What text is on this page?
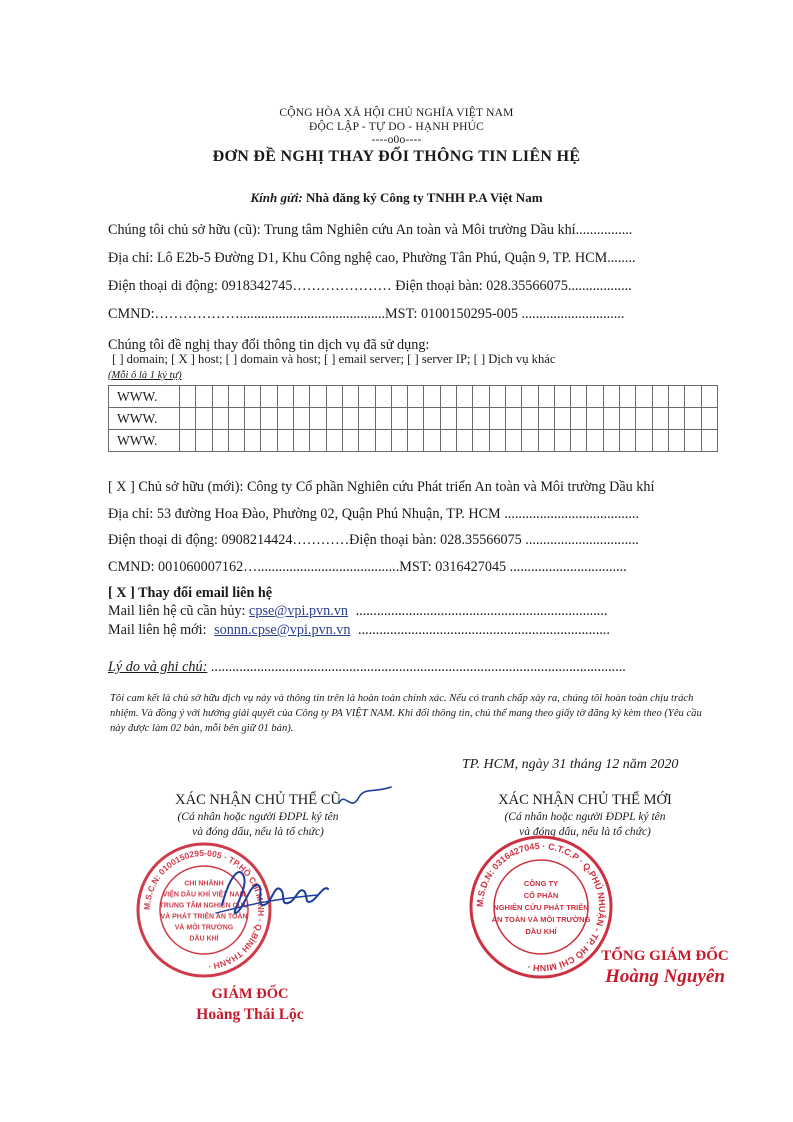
CỘNG HÒA XÃ HỘI CHỦ NGHĨA VIỆT NAM
ĐỘC LẬP - TỰ DO - HẠNH PHÚC
----o0o----
ĐƠN ĐỀ NGHỊ THAY ĐỔI THÔNG TIN LIÊN HỆ
Kính gửi: Nhà đăng ký Công ty TNHH P.A Việt Nam
Chúng tôi chủ sở hữu (cũ): Trung tâm Nghiên cứu An toàn và Môi trường Dầu khí................
Địa chỉ: Lô E2b-5 Đường D1, Khu Công nghệ cao, Phường Tân Phú, Quận 9, TP. HCM........
Điện thoại di động: 0918342745………………… Điện thoại bàn: 028.35566075..................
CMND:……………….........................................MST: 0100150295-005 .............................
Chúng tôi đề nghị thay đổi thông tin dịch vụ đã sử dụng:
[ ] domain; [ X ] host; [ ] domain và host; [ ] email server; [ ] server IP; [ ] Dịch vụ khác
(Mỗi ô là 1 ký tự)
WWW.																																	
WWW.																																	
WWW.																																	
[ X ] Chủ sở hữu (mới): Công ty Cổ phần Nghiên cứu Phát triển An toàn và Môi trường Dầu khí
Địa chỉ: 53 đường Hoa Đào, Phường 02, Quận Phú Nhuận, TP. HCM ......................................
Điện thoại di động: 0908214424…………Điện thoại bàn: 028.35566075 ................................
CMND: 001060007162…........................................MST: 0316427045 .................................
[ X ] Thay đổi email liên hệ
Mail liên hệ cũ cần hủy: cpse@vpi.pvn.vn .......................................................................
Mail liên hệ mới: sonnn.cpse@vpi.pvn.vn .......................................................................
Lý do và ghi chú: .....................................................................................................................
Tôi cam kết là chủ sở hữu dịch vụ này và thông tin trên là hoàn toàn chính xác. Nếu có tranh chấp xảy ra, chúng tôi hoàn toàn chịu trách nhiệm. Và đồng ý với hướng giải quyết của Công ty PA VIỆT NAM. Khi đổi thông tin, chủ thể mang theo giấy tờ đăng ký kèm theo (Yêu cầu này được làm 02 bản, mỗi bên giữ 01 bản).
TP. HCM, ngày 31 tháng 12 năm 2020
XÁC NHẬN CHỦ THỂ CŨ
(Cá nhân hoặc người ĐDPL ký tên
và đóng dấu, nếu là tổ chức)
XÁC NHẬN CHỦ THỂ MỚI
(Cá nhân hoặc người ĐDPL ký tên
và đóng dấu, nếu là tổ chức)
M.S.C.N: 0100150295-005 · TP.HỒ CHÍ MINH · Q.BÌNH THẠNH ·
CHI NHÁNH
VIỆN DẦU KHÍ VIỆT NAM
TRUNG TÂM NGHIÊN CỨU
VÀ PHÁT TRIỂN AN TOÀN
VÀ MÔI TRƯỜNG
DẦU KHÍ
GIÁM ĐỐC
Hoàng Thái Lộc
M.S.D.N: 0316427045 · C.T.C.P · Q.PHÚ NHUẬN - TP. HỒ CHÍ MINH ·
CÔNG TY
CỔ PHẦN
NGHIÊN CỨU PHÁT TRIỂN
AN TOÀN VÀ MÔI TRƯỜNG
DẦU KHÍ
TỔNG GIÁM ĐỐC
Hoàng Nguyên
